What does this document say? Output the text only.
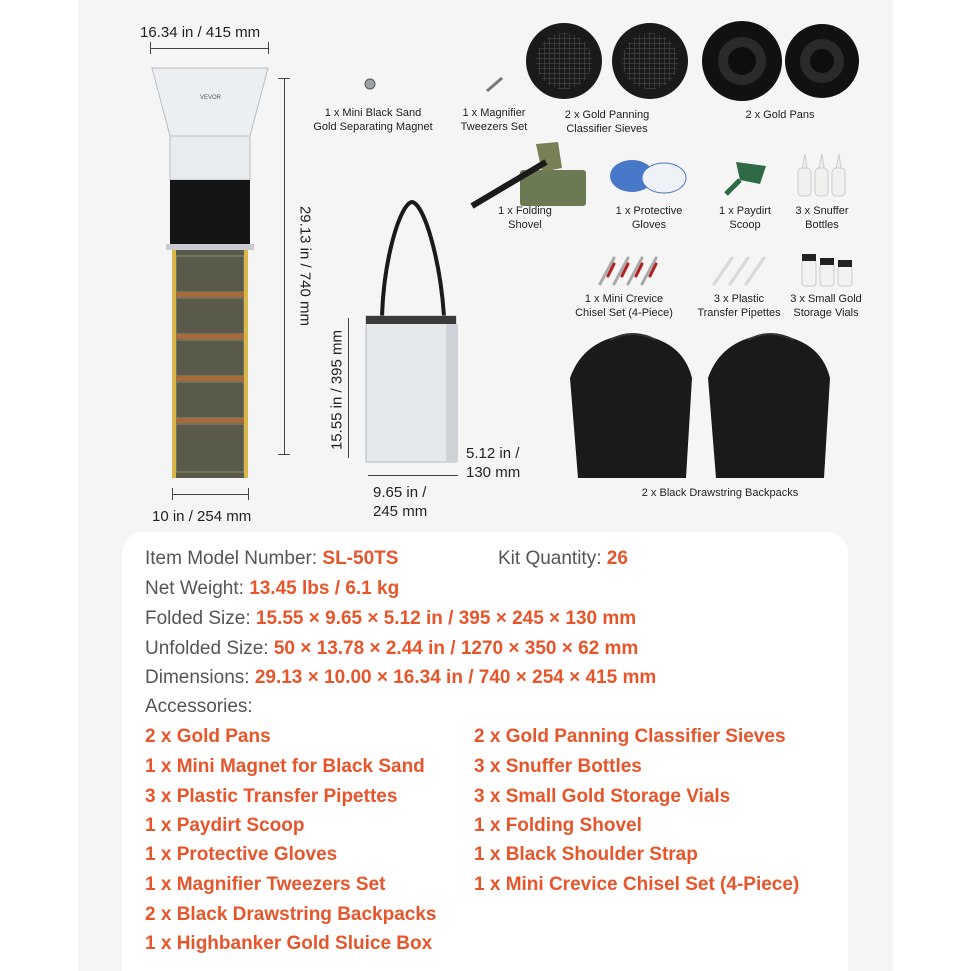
16.34 in / 415 mm
VEVOR
29.13 in / 740 mm
10 in / 254 mm
15.55 in / 395 mm
9.65 in /
245 mm
5.12 in /
130 mm
1 x Mini Black Sand
Gold Separating Magnet
1 x Magnifier
Tweezers Set
2 x Gold Panning
Classifier Sieves
2 x Gold Pans
1 x Folding
Shovel
1 x Protective
Gloves
1 x Paydirt
Scoop
3 x Snuffer
Bottles
1 x Mini Crevice
Chisel Set (4-Piece)
3 x Plastic
Transfer Pipettes
3 x Small Gold
Storage Vials
2 x Black Drawstring Backpacks
Item Model Number: SL-50TS	Kit Quantity: 26
Net Weight: 13.45 lbs / 6.1 kg
Folded Size: 15.55 × 9.65 × 5.12 in / 395 × 245 × 130 mm
Unfolded Size: 50 × 13.78 × 2.44 in / 1270 × 350 × 62 mm
Dimensions: 29.13 × 10.00 × 16.34 in / 740 × 254 × 415 mm
Accessories:
2 x Gold Pans
1 x Mini Magnet for Black Sand
3 x Plastic Transfer Pipettes
1 x Paydirt Scoop
1 x Protective Gloves
1 x Magnifier Tweezers Set
2 x Black Drawstring Backpacks
1 x Highbanker Gold Sluice Box
2 x Gold Panning Classifier Sieves
3 x Snuffer Bottles
3 x Small Gold Storage Vials
1 x Folding Shovel
1 x Black Shoulder Strap
1 x Mini Crevice Chisel Set (4-Piece)
